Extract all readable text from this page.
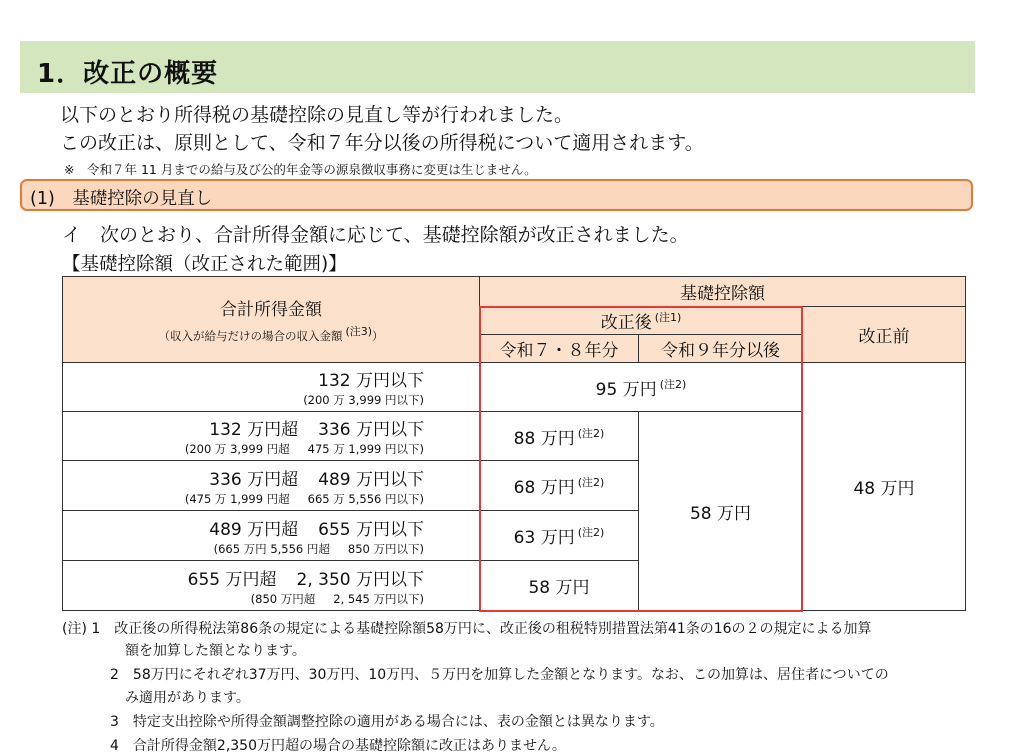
1．改正の概要
以下のとおり所得税の基礎控除の見直し等が行われました。
この改正は、原則として、令和７年分以後の所得税について適用されます。
※　令和７年 11 月までの給与及び公的年金等の源泉徴収事務に変更は生じません。
(1)　基礎控除の見直し
イ　次のとおり、合計所得金額に応じて、基礎控除額が改正されました。
【基礎控除額（改正された範囲)】
合計所得金額
（収入が給与だけの場合の収入金額 (注3)）	基礎控除額		
	改正後 $^{(注1)}$		改正前
	令和７・８年分	令和９年分以後	

132 万円以下
(200 万 3,999 円以下)	95 万円 $^{(注2)}$		48 万円

132 万円超 336 万円以下
(200 万 3,999 円超 475 万 1,999 円以下)	88 万円 $^{(注2)}$	58 万円	

336 万円超 489 万円以下
(475 万 1,999 円超 665 万 5,556 円以下)	68 万円 $^{(注2)}$

489 万円超 655 万円以下
(665 万円 5,556 円超 850 万円以下)	63 万円 $^{(注2)}$

655 万円超 2, 350 万円以下
(850 万円超 2, 545 万円以下)	58 万円		
(注) 1　改正後の所得税法第86条の規定による基礎控除額58万円に、改正後の租税特別措置法第41条の16の２の規定による加算
額を加算した額となります。
2　58万円にそれぞれ37万円、30万円、10万円、５万円を加算した金額となります。なお、この加算は、居住者についての
み適用があります。
3　特定支出控除や所得金額調整控除の適用がある場合には、表の金額とは異なります。
4　合計所得金額2,350万円超の場合の基礎控除額に改正はありません。
